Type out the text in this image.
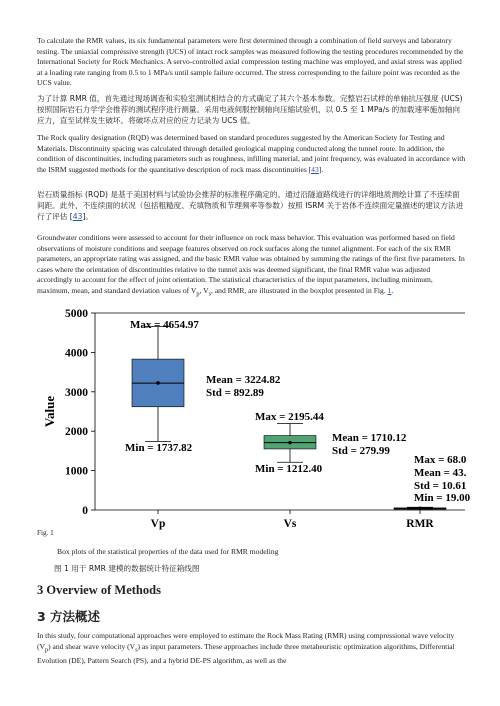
To calculate the RMR values, its six fundamental parameters were first determined through a combination of field surveys and laboratory testing. The uniaxial compressive strength (UCS) of intact rock samples was measured following the testing procedures recommended by the International Society for Rock Mechanics. A servo-controlled axial compression testing machine was employed, and axial stress was applied at a loading rate ranging from 0.5 to 1 MPa/s until sample failure occurred. The stress corresponding to the failure point was recorded as the UCS value.

为了计算 RMR 值，首先通过现场调查和实验室测试相结合的方式确定了其六个基本参数。完整岩石试样的单轴抗压强度 (UCS) 按照国际岩石力学学会推荐的测试程序进行测量。采用电液伺服控制轴向压缩试验机，以 0.5 至 1 MPa/s 的加载速率施加轴向应力，直至试样发生破坏。将破坏点对应的应力记录为 UCS 值。

The Rock quality designation (RQD) was determined based on standard procedures suggested by the American Society for Testing and Materials. Discontinuity spacing was calculated through detailed geological mapping conducted along the tunnel route. In addition, the condition of discontinuities, including parameters such as roughness, infilling material, and joint frequency, was evaluated in accordance with the ISRM suggested methods for the quantitative description of rock mass discontinuities [43].

岩石质量指标 (RQD) 是基于美国材料与试验协会推荐的标准程序确定的。通过沿隧道路线进行的详细地质测绘计算了不连续面间距。此外，不连续面的状况（包括粗糙度、充填物质和节理频率等参数）按照 ISRM 关于岩体不连续面定量描述的建议方法进行了评估 [43]。

Groundwater conditions were assessed to account for their influence on rock mass behavior. This evaluation was performed based on field observations of moisture conditions and seepage features observed on rock surfaces along the tunnel alignment. For each of the six RMR parameters, an appropriate rating was assigned, and the basic RMR value was obtained by summing the ratings of the first five parameters. In cases where the orientation of discontinuities relative to the tunnel axis was deemed significant, the final RMR value was adjusted accordingly to account for the effect of joint orientation. The statistical characteristics of the input parameters, including minimum, maximum, mean, and standard deviation values of $V_p$, $V_s$, and RMR, are illustrated in the boxplot presented in Fig. 1.

0
1000
2000
3000
4000
5000
Value
Vp	Vs	RMR
Max = 4654.97
Mean = 3224.82
Std = 892.89
Min = 1737.82
Max = 2195.44
Mean = 1710.12
Std = 279.99
Min = 1212.40
Max = 68.0
Mean = 43.
Std = 10.61
Min = 19.00
Fig. 1
Box plots of the statistical properties of the data used for RMR modeling
图 1 用于 RMR 建模的数据统计特征箱线图
3 Overview of Methods
3 方法概述

In this study, four computational approaches were employed to estimate the Rock Mass Rating (RMR) using compressional wave velocity $(V_p)$ and shear wave velocity $(V_s)$ as input parameters. These approaches include three metaheuristic optimization algorithms, Differential Evolution (DE), Pattern Search (PS), and a hybrid DE-PS algorithm, as well as the
